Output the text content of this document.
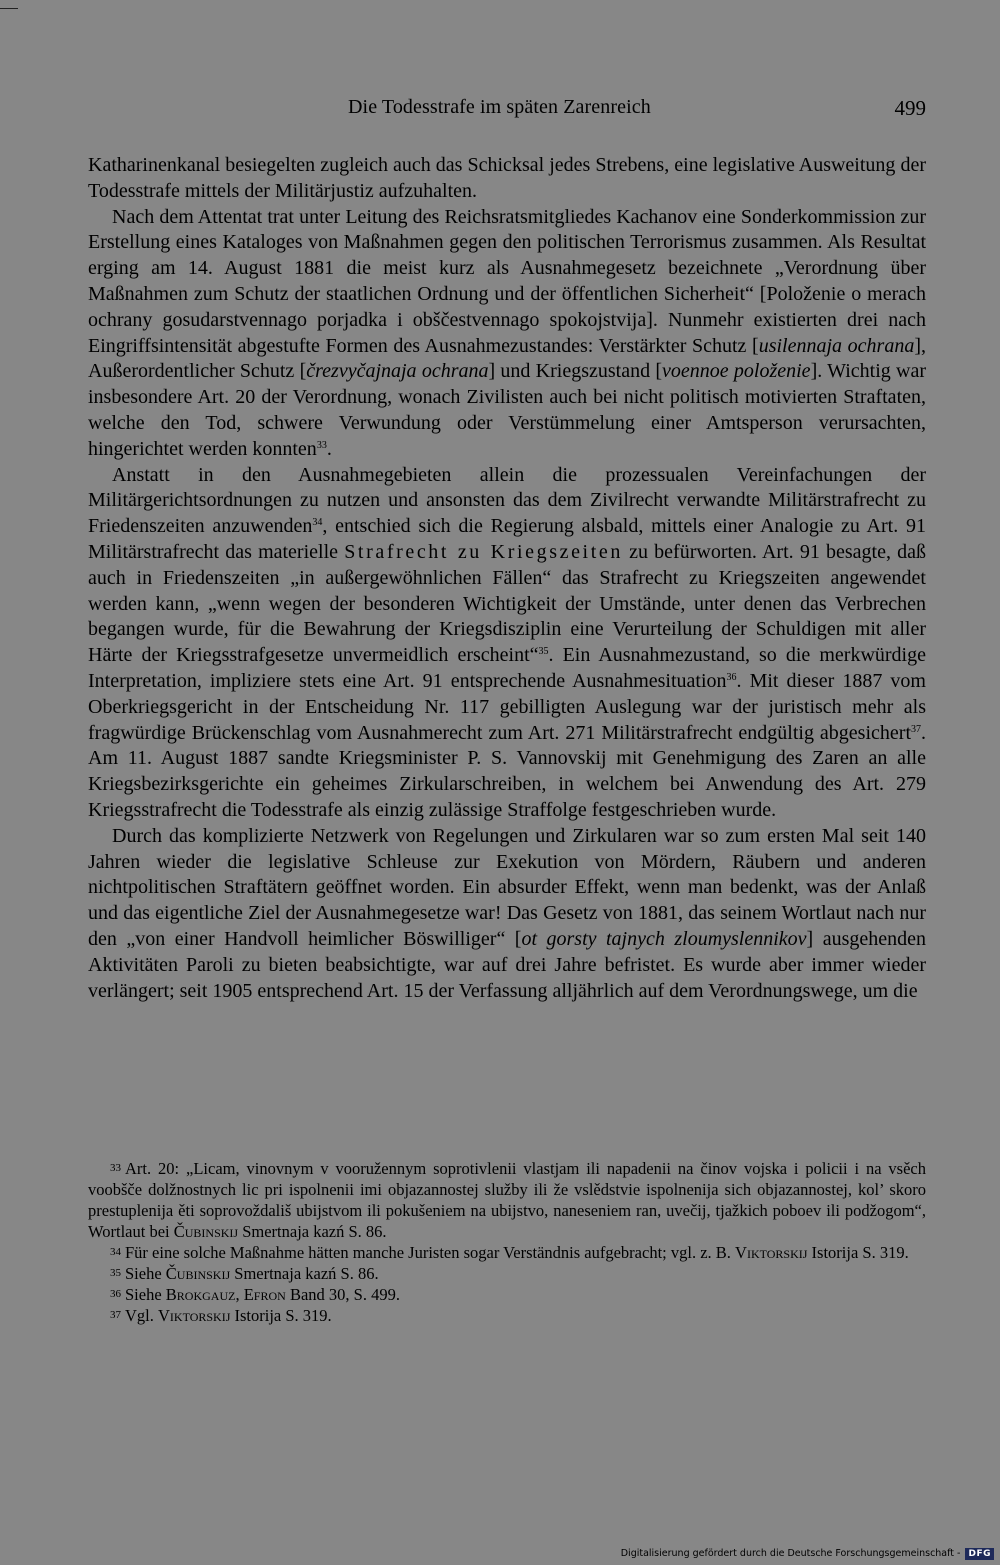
Die Todesstrafe im späten Zarenreich	499

Katharinenkanal besiegelten zugleich auch das Schicksal jedes Strebens, eine legislative Ausweitung der Todesstrafe mittels der Militärjustiz aufzuhalten.

Nach dem Attentat trat unter Leitung des Reichsratsmitgliedes Kachanov eine Sonderkommission zur Erstellung eines Kataloges von Maßnahmen gegen den politischen Terrorismus zusammen. Als Resultat erging am 14. August 1881 die meist kurz als Ausnahmegesetz bezeichnete „Verordnung über Maßnahmen zum Schutz der staatlichen Ordnung und der öffentlichen Sicherheit“ [Položenie o merach ochrany gosudarstvennago porjadka i obščestvennago spokojstvija]. Nunmehr existierten drei nach Eingriffsintensität abgestufte Formen des Ausnahmezustandes: Verstärkter Schutz [usilennaja ochrana], Außerordentlicher Schutz [črezvyčajnaja ochrana] und Kriegszustand [voennoe položenie]. Wichtig war insbesondere Art. 20 der Verordnung, wonach Zivilisten auch bei nicht politisch motivierten Straftaten, welche den Tod, schwere Verwundung oder Verstümmelung einer Amtsperson verursachten, hingerichtet werden konnten$^{33}$.

Anstatt in den Ausnahmegebieten allein die prozessualen Vereinfachungen der Militärgerichtsordnungen zu nutzen und ansonsten das dem Zivilrecht verwandte Militärstrafrecht zu Friedenszeiten anzuwenden$^{34}$, entschied sich die Regierung alsbald, mittels einer Analogie zu Art. 91 Militärstrafrecht das materielle Strafrecht zu Kriegszeiten zu befürworten. Art. 91 besagte, daß auch in Friedenszeiten „in außergewöhnlichen Fällen“ das Strafrecht zu Kriegszeiten angewendet werden kann, „wenn wegen der besonderen Wichtigkeit der Umstände, unter denen das Verbrechen begangen wurde, für die Bewahrung der Kriegsdisziplin eine Verurteilung der Schuldigen mit aller Härte der Kriegsstrafgesetze unvermeidlich erscheint“$^{35}$. Ein Ausnahmezustand, so die merkwürdige Interpretation, impliziere stets eine Art. 91 entsprechende Ausnahmesituation$^{36}$. Mit dieser 1887 vom Oberkriegsgericht in der Entscheidung Nr. 117 gebilligten Auslegung war der juristisch mehr als fragwürdige Brückenschlag vom Ausnahmerecht zum Art. 271 Militärstrafrecht endgültig abgesichert$^{37}$. Am 11. August 1887 sandte Kriegsminister P. S. Vannovskij mit Genehmigung des Zaren an alle Kriegsbezirksgerichte ein geheimes Zirkularschreiben, in welchem bei Anwendung des Art. 279 Kriegsstrafrecht die Todesstrafe als einzig zulässige Straffolge festgeschrieben wurde.

Durch das komplizierte Netzwerk von Regelungen und Zirkularen war so zum ersten Mal seit 140 Jahren wieder die legislative Schleuse zur Exekution von Mördern, Räubern und anderen nichtpolitischen Straftätern geöffnet worden. Ein absurder Effekt, wenn man bedenkt, was der Anlaß und das eigentliche Ziel der Ausnahmegesetze war! Das Gesetz von 1881, das seinem Wortlaut nach nur den „von einer Handvoll heimlicher Böswilliger“ [ot gorsty tajnych zloumyslennikov] ausgehenden Aktivitäten Paroli zu bieten beabsichtigte, war auf drei Jahre befristet. Es wurde aber immer wieder verlängert; seit 1905 entsprechend Art. 15 der Verfassung alljährlich auf dem Verordnungswege, um die

33 Art. 20: „Licam, vinovnym v vooružennym soprotivlenii vlastjam ili napadenii na činov vojska i policii i na vsěch voobšče dolžnostnych lic pri ispolnenii imi objazannostej služby ili že vslědstvie ispolnenija sich objazannostej, kol’ skoro prestuplenija ěti soprovoždališ ubijstvom ili pokušeniem na ubijstvo, naneseniem ran, uvečij, tjažkich poboev ili podžogom“, Wortlaut bei Čubinskij Smertnaja kazń S. 86.

34 Für eine solche Maßnahme hätten manche Juristen sogar Verständnis aufgebracht; vgl. z. B. Viktorskij Istorija S. 319.

35 Siehe Čubinskij Smertnaja kazń S. 86.

36 Siehe Brokgauz, Efron Band 30, S. 499.

37 Vgl. Viktorskij Istorija S. 319.

Digitalisierung gefördert durch die Deutsche Forschungsgemeinschaft - DFG
